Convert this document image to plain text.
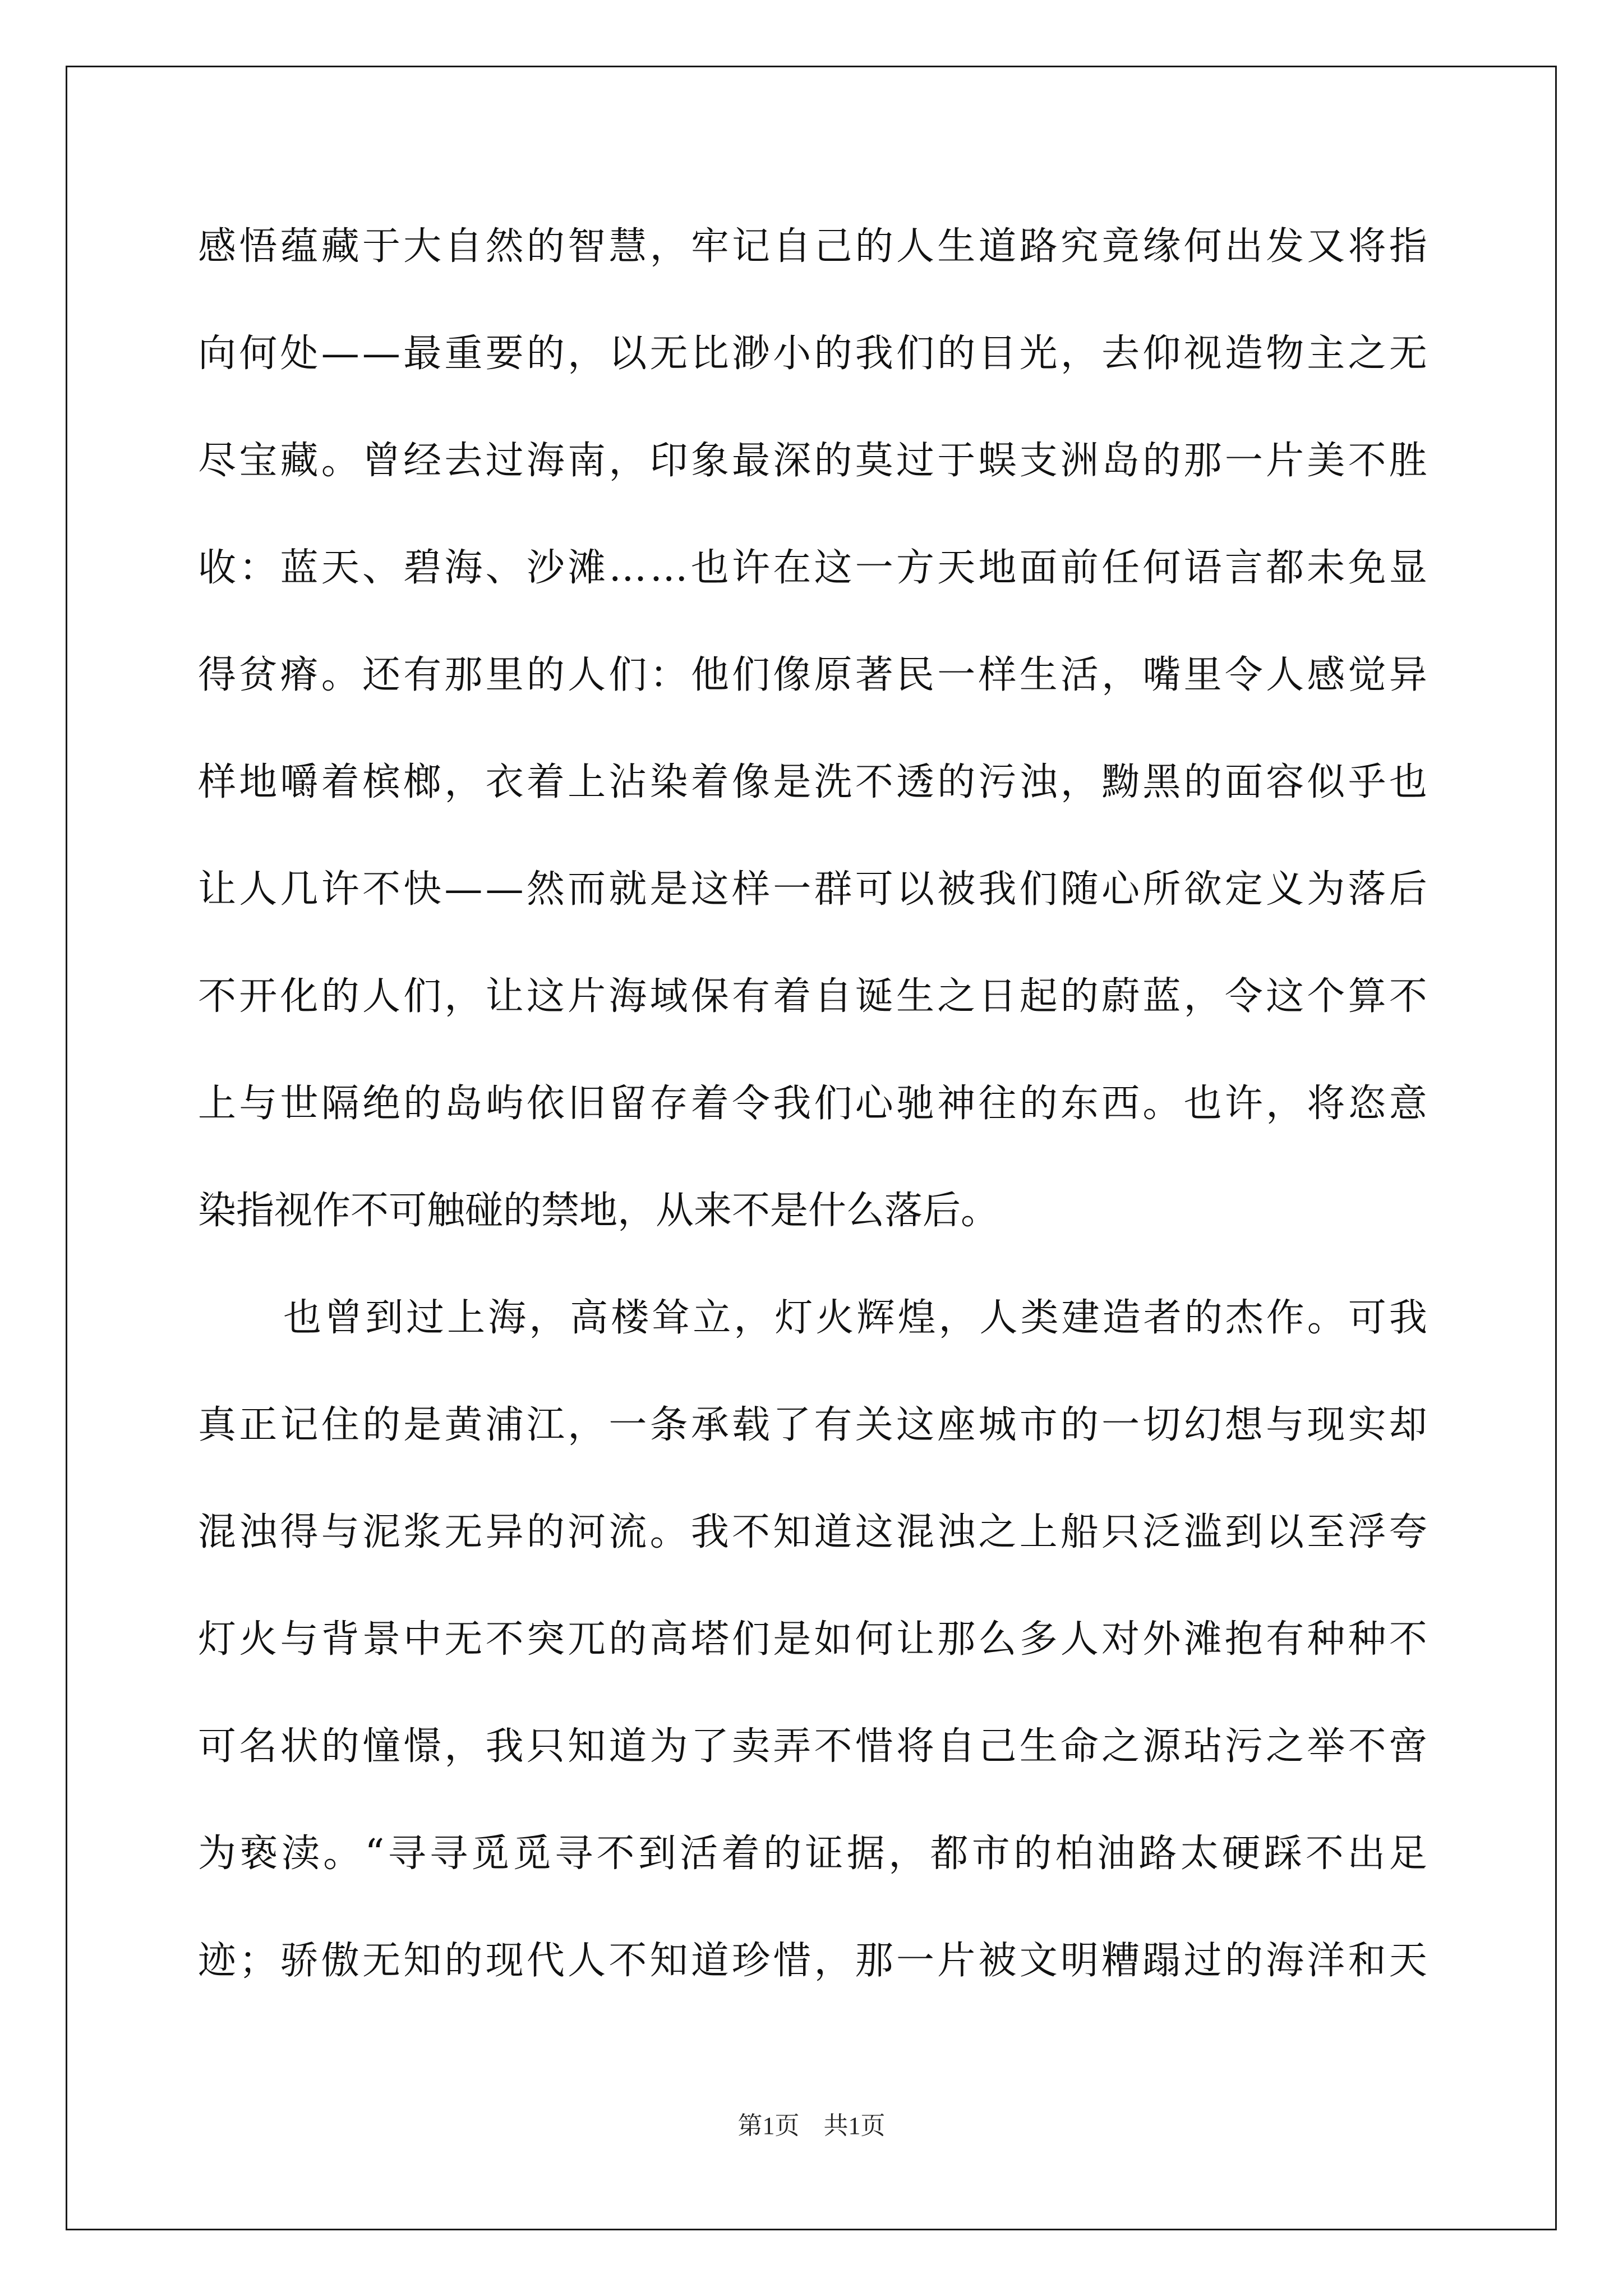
感 悟 蕴 藏 于 大 自 然 的 智 慧 ， 牢 记 自 己 的 人 生 道 路 究 竟 缘 何 出 发 又 将 指
向 何 处 — — 最 重 要 的 ， 以 无 比 渺 小 的 我 们 的 目 光 ， 去 仰 视 造 物 主 之 无
尽 宝 藏 。 曾 经 去 过 海 南 ， 印 象 最 深 的 莫 过 于 蜈 支 洲 岛 的 那 一 片 美 不 胜
收 ： 蓝 天 、 碧 海 、 沙 滩 … … 也 许 在 这 一 方 天 地 面 前 任 何 语 言 都 未 免 显
得 贫 瘠 。 还 有 那 里 的 人 们 ： 他 们 像 原 著 民 一 样 生 活 ， 嘴 里 令 人 感 觉 异
样 地 嚼 着 槟 榔 ， 衣 着 上 沾 染 着 像 是 洗 不 透 的 污 浊 ， 黝 黑 的 面 容 似 乎 也
让 人 几 许 不 快 — — 然 而 就 是 这 样 一 群 可 以 被 我 们 随 心 所 欲 定 义 为 落 后
不 开 化 的 人 们 ， 让 这 片 海 域 保 有 着 自 诞 生 之 日 起 的 蔚 蓝 ， 令 这 个 算 不
上 与 世 隔 绝 的 岛 屿 依 旧 留 存 着 令 我 们 心 驰 神 往 的 东 西 。 也 许 ， 将 恣 意
染指视作不可触碰的禁地，从来不是什么落后。
也 曾 到 过 上 海 ， 高 楼 耸 立 ， 灯 火 辉 煌 ， 人 类 建 造 者 的 杰 作 。 可 我
真 正 记 住 的 是 黄 浦 江 ， 一 条 承 载 了 有 关 这 座 城 市 的 一 切 幻 想 与 现 实 却
混 浊 得 与 泥 浆 无 异 的 河 流 。 我 不 知 道 这 混 浊 之 上 船 只 泛 滥 到 以 至 浮 夸
灯 火 与 背 景 中 无 不 突 兀 的 高 塔 们 是 如 何 让 那 么 多 人 对 外 滩 抱 有 种 种 不
可 名 状 的 憧 憬 ， 我 只 知 道 为 了 卖 弄 不 惜 将 自 己 生 命 之 源 玷 污 之 举 不 啻
为 亵 渎 。 “ 寻 寻 觅 觅 寻 不 到 活 着 的 证 据 ， 都 市 的 柏 油 路 太 硬 踩 不 出 足
迹 ； 骄 傲 无 知 的 现 代 人 不 知 道 珍 惜 ， 那 一 片 被 文 明 糟 蹋 过 的 海 洋 和 天
第1页 共1页
